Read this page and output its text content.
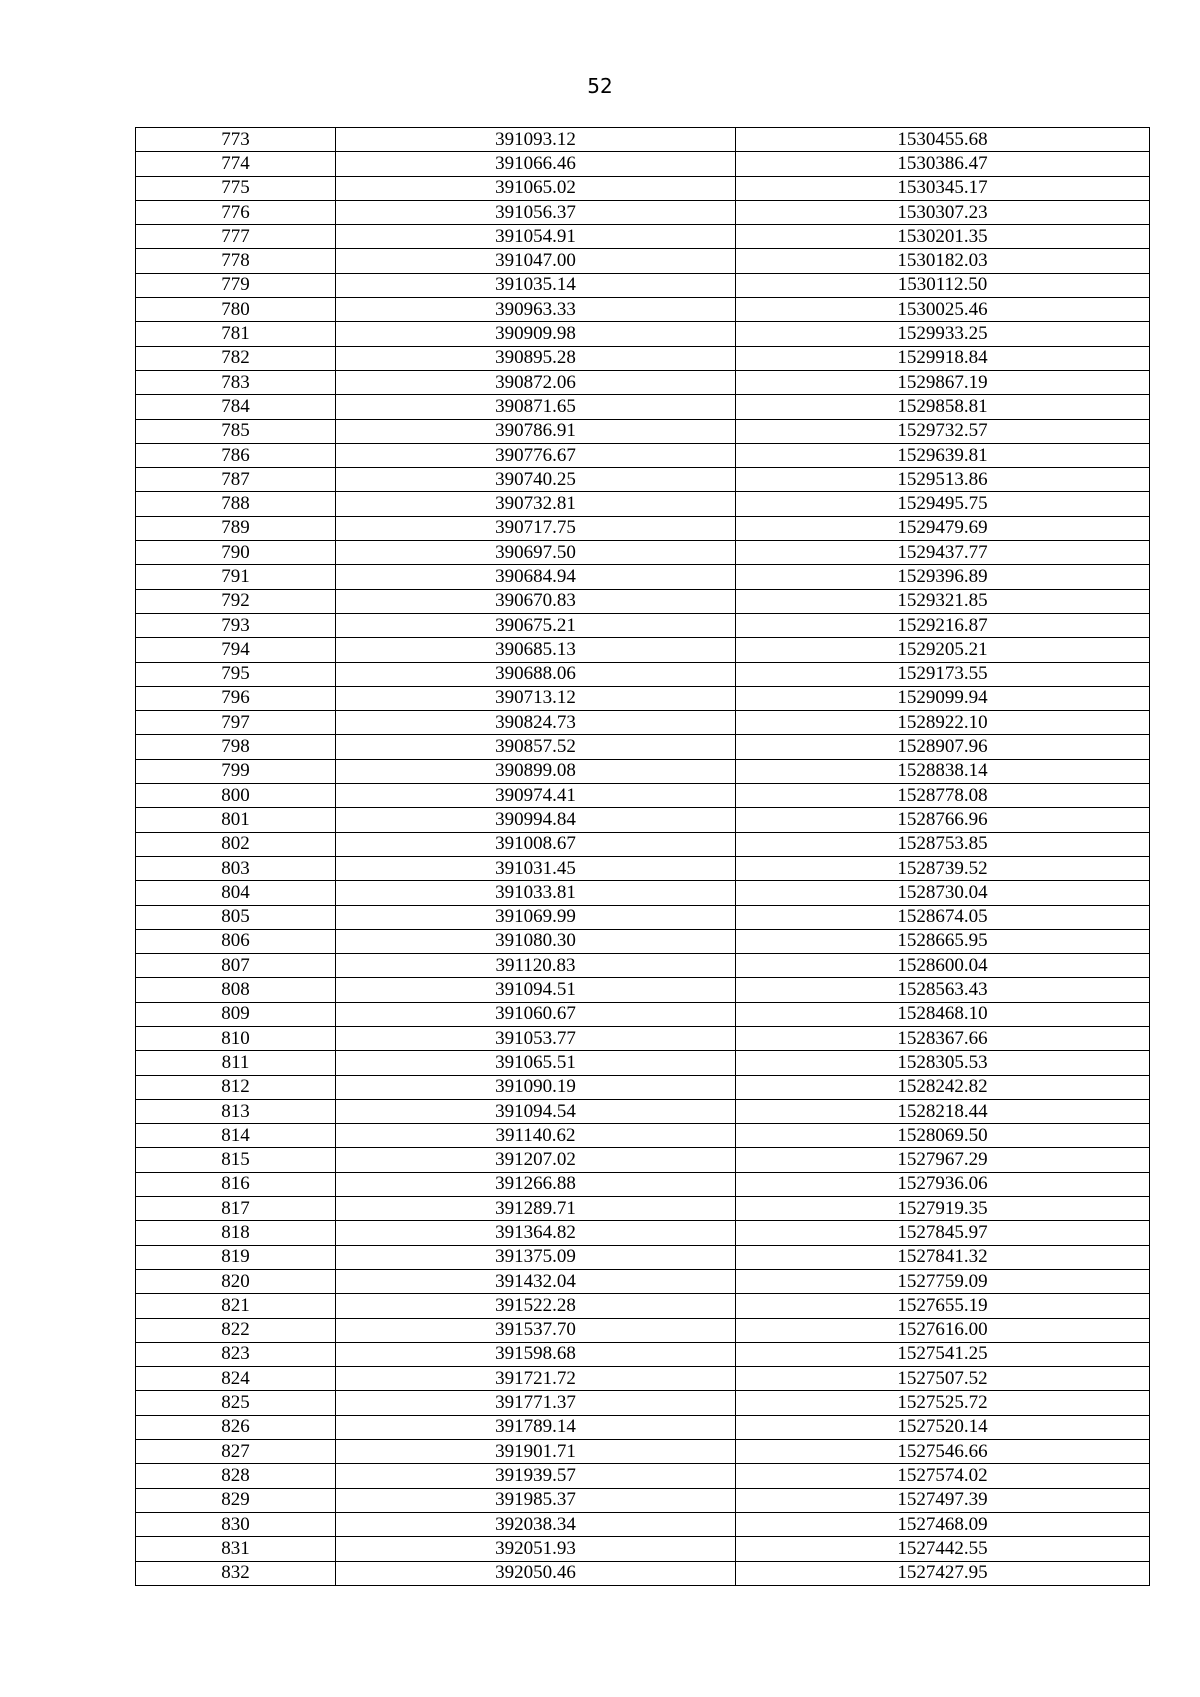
52
773	391093.12	1530455.68
774	391066.46	1530386.47
775	391065.02	1530345.17
776	391056.37	1530307.23
777	391054.91	1530201.35
778	391047.00	1530182.03
779	391035.14	1530112.50
780	390963.33	1530025.46
781	390909.98	1529933.25
782	390895.28	1529918.84
783	390872.06	1529867.19
784	390871.65	1529858.81
785	390786.91	1529732.57
786	390776.67	1529639.81
787	390740.25	1529513.86
788	390732.81	1529495.75
789	390717.75	1529479.69
790	390697.50	1529437.77
791	390684.94	1529396.89
792	390670.83	1529321.85
793	390675.21	1529216.87
794	390685.13	1529205.21
795	390688.06	1529173.55
796	390713.12	1529099.94
797	390824.73	1528922.10
798	390857.52	1528907.96
799	390899.08	1528838.14
800	390974.41	1528778.08
801	390994.84	1528766.96
802	391008.67	1528753.85
803	391031.45	1528739.52
804	391033.81	1528730.04
805	391069.99	1528674.05
806	391080.30	1528665.95
807	391120.83	1528600.04
808	391094.51	1528563.43
809	391060.67	1528468.10
810	391053.77	1528367.66
811	391065.51	1528305.53
812	391090.19	1528242.82
813	391094.54	1528218.44
814	391140.62	1528069.50
815	391207.02	1527967.29
816	391266.88	1527936.06
817	391289.71	1527919.35
818	391364.82	1527845.97
819	391375.09	1527841.32
820	391432.04	1527759.09
821	391522.28	1527655.19
822	391537.70	1527616.00
823	391598.68	1527541.25
824	391721.72	1527507.52
825	391771.37	1527525.72
826	391789.14	1527520.14
827	391901.71	1527546.66
828	391939.57	1527574.02
829	391985.37	1527497.39
830	392038.34	1527468.09
831	392051.93	1527442.55
832	392050.46	1527427.95
